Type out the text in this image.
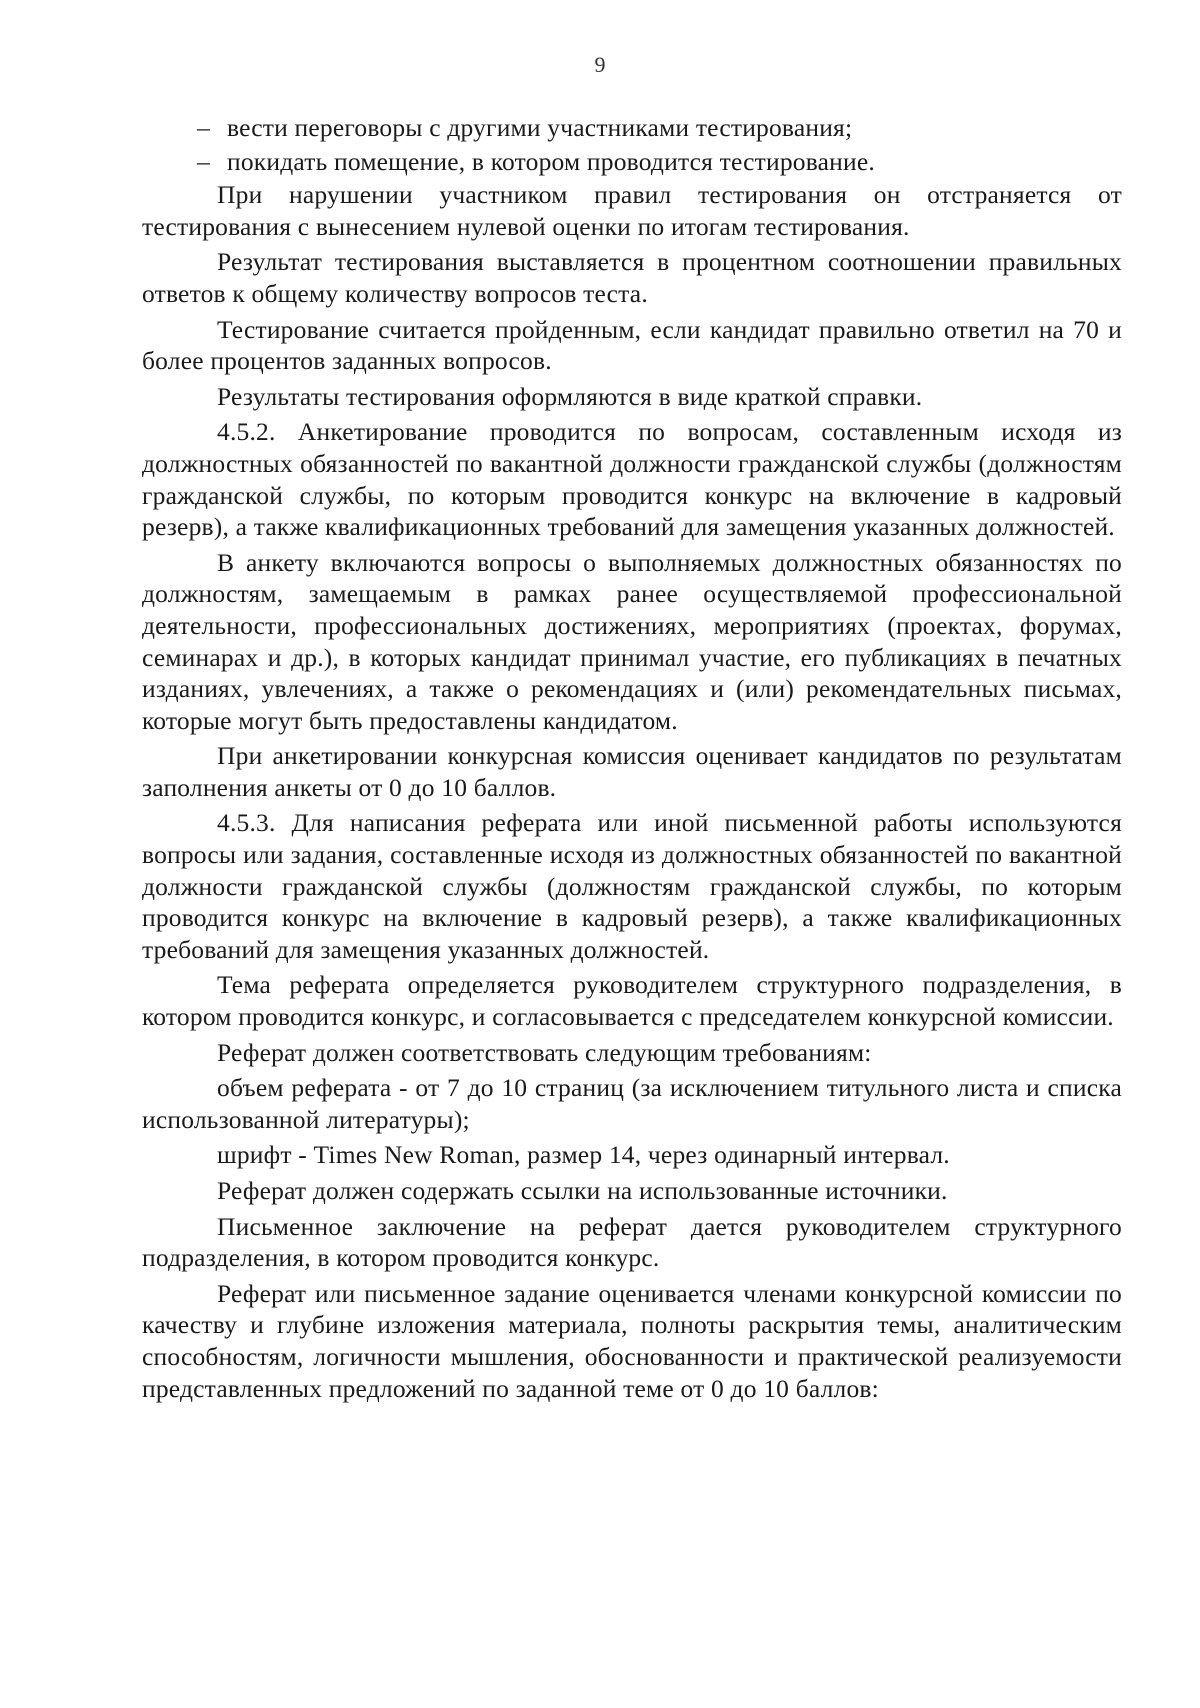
9

– вести переговоры с другими участниками тестирования;

– покидать помещение, в котором проводится тестирование.

При нарушении участником правил тестирования он отстраняется от тестирования с вынесением нулевой оценки по итогам тестирования.

Результат тестирования выставляется в процентном соотношении правильных ответов к общему количеству вопросов теста.

Тестирование считается пройденным, если кандидат правильно ответил на 70 и более процентов заданных вопросов.

Результаты тестирования оформляются в виде краткой справки.

4.5.2. Анкетирование проводится по вопросам, составленным исходя из должностных обязанностей по вакантной должности гражданской службы (должностям гражданской службы, по которым проводится конкурс на включение в кадровый резерв), а также квалификационных требований для замещения указанных должностей.

В анкету включаются вопросы о выполняемых должностных обязанностях по должностям, замещаемым в рамках ранее осуществляемой профессиональной деятельности, профессиональных достижениях, мероприятиях (проектах, форумах, семинарах и др.), в которых кандидат принимал участие, его публикациях в печатных изданиях, увлечениях, а также о рекомендациях и (или) рекомендательных письмах, которые могут быть предоставлены кандидатом.

При анкетировании конкурсная комиссия оценивает кандидатов по результатам заполнения анкеты от 0 до 10 баллов.

4.5.3. Для написания реферата или иной письменной работы используются вопросы или задания, составленные исходя из должностных обязанностей по вакантной должности гражданской службы (должностям гражданской службы, по которым проводится конкурс на включение в кадровый резерв), а также квалификационных требований для замещения указанных должностей.

Тема реферата определяется руководителем структурного подразделения, в котором проводится конкурс, и согласовывается с председателем конкурсной комиссии.

Реферат должен соответствовать следующим требованиям:

объем реферата - от 7 до 10 страниц (за исключением титульного листа и списка использованной литературы);

шрифт - Times New Roman, размер 14, через одинарный интервал.

Реферат должен содержать ссылки на использованные источники.

Письменное заключение на реферат дается руководителем структурного подразделения, в котором проводится конкурс.

Реферат или письменное задание оценивается членами конкурсной комиссии по качеству и глубине изложения материала, полноты раскрытия темы, аналитическим способностям, логичности мышления, обоснованности и практической реализуемости представленных предложений по заданной теме от 0 до 10 баллов:
